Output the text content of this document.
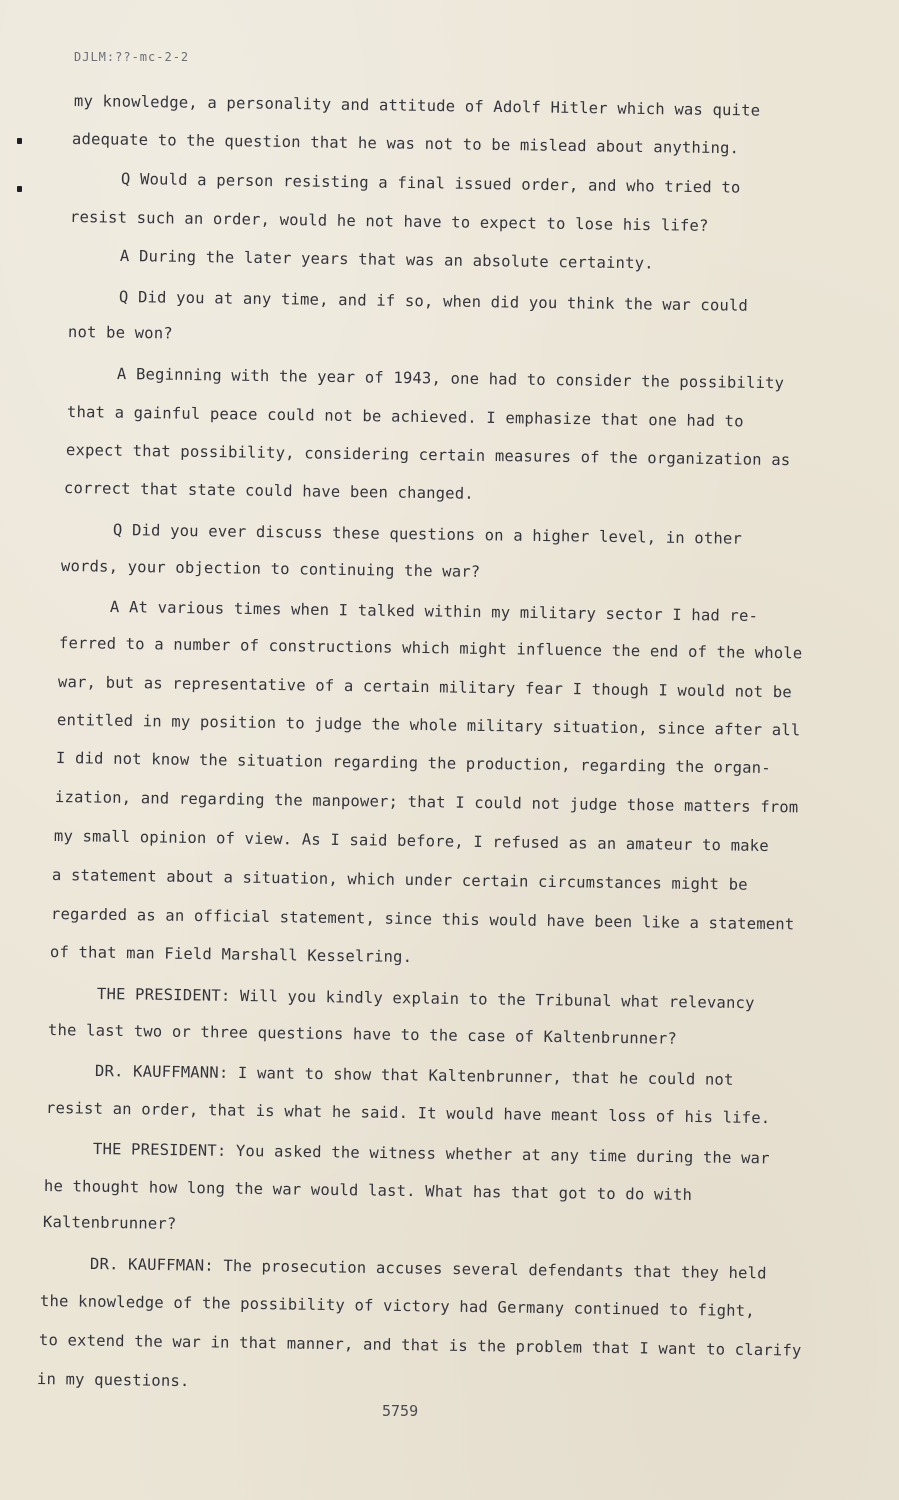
DJLM:??-mc-2-2
my knowledge, a personality and attitude of Adolf Hitler which was quite
adequate to the question that he was not to be mislead about anything.
Q Would a person resisting a final issued order, and who tried to
resist such an order, would he not have to expect to lose his life?
A During the later years that was an absolute certainty.
Q Did you at any time, and if so, when did you think the war could
not be won?
A Beginning with the year of 1943, one had to consider the possibility
that a gainful peace could not be achieved. I emphasize that one had to
expect that possibility, considering certain measures of the organization as
correct that state could have been changed.
Q Did you ever discuss these questions on a higher level, in other
words, your objection to continuing the war?
A At various times when I talked within my military sector I had re-
ferred to a number of constructions which might influence the end of the whole
war, but as representative of a certain military fear I though I would not be
entitled in my position to judge the whole military situation, since after all
I did not know the situation regarding the production, regarding the organ-
ization, and regarding the manpower; that I could not judge those matters from
my small opinion of view. As I said before, I refused as an amateur to make
a statement about a situation, which under certain circumstances might be
regarded as an official statement, since this would have been like a statement
of that man Field Marshall Kesselring.
THE PRESIDENT: Will you kindly explain to the Tribunal what relevancy
the last two or three questions have to the case of Kaltenbrunner?
DR. KAUFFMANN: I want to show that Kaltenbrunner, that he could not
resist an order, that is what he said. It would have meant loss of his life.
THE PRESIDENT: You asked the witness whether at any time during the war
he thought how long the war would last. What has that got to do with
Kaltenbrunner?
DR. KAUFFMAN: The prosecution accuses several defendants that they held
the knowledge of the possibility of victory had Germany continued to fight,
to extend the war in that manner, and that is the problem that I want to clarify
in my questions.
5759
